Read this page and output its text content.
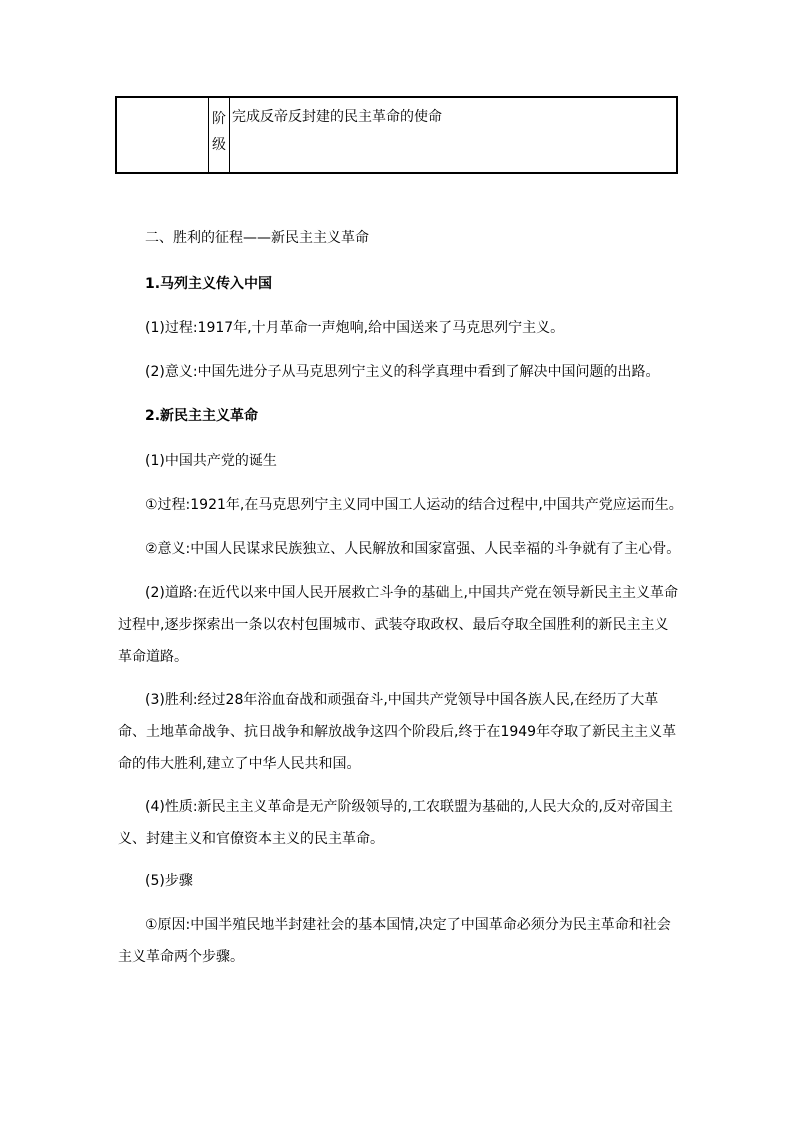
阶
级
完成反帝反封建的民主革命的使命
二、胜利的征程——新民主主义革命
1.马列主义传入中国
(1)过程:1917年,十月革命一声炮响,给中国送来了马克思列宁主义。
(2)意义:中国先进分子从马克思列宁主义的科学真理中看到了解决中国问题的出路。
2.新民主主义革命
(1)中国共产党的诞生
①过程:1921年,在马克思列宁主义同中国工人运动的结合过程中,中国共产党应运而生。
②意义:中国人民谋求民族独立、人民解放和国家富强、人民幸福的斗争就有了主心骨。
(2)道路:在近代以来中国人民开展救亡斗争的基础上,中国共产党在领导新民主主义革命过程中,逐步探索出一条以农村包围城市、武装夺取政权、最后夺取全国胜利的新民主主义革命道路。
(3)胜利:经过28年浴血奋战和顽强奋斗,中国共产党领导中国各族人民,在经历了大革命、土地革命战争、抗日战争和解放战争这四个阶段后,终于在1949年夺取了新民主主义革命的伟大胜利,建立了中华人民共和国。
(4)性质:新民主主义革命是无产阶级领导的,工农联盟为基础的,人民大众的,反对帝国主义、封建主义和官僚资本主义的民主革命。
(5)步骤
①原因:中国半殖民地半封建社会的基本国情,决定了中国革命必须分为民主革命和社会主义革命两个步骤。
